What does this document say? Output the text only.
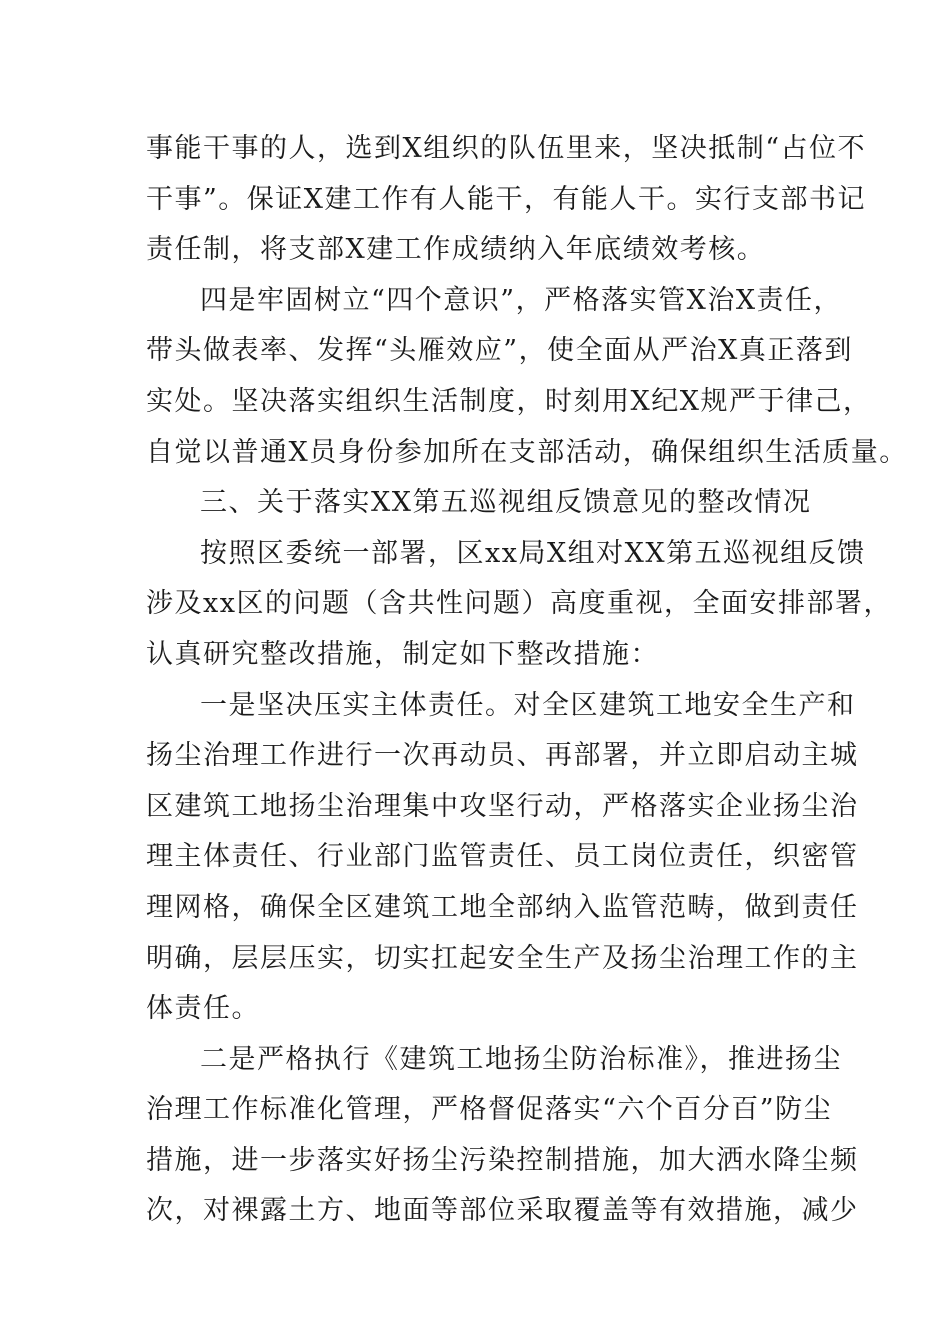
事能干事的人，选到X组织的队伍里来，坚决抵制“占位不
干事”。保证X建工作有人能干，有能人干。实行支部书记
责任制，将支部X建工作成绩纳入年底绩效考核。
四是牢固树立“四个意识”，严格落实管X治X责任，
带头做表率、发挥“头雁效应”，使全面从严治X真正落到
实处。坚决落实组织生活制度，时刻用X纪X规严于律己，
自觉以普通X员身份参加所在支部活动，确保组织生活质量。
三、关于落实XX第五巡视组反馈意见的整改情况
按照区委统一部署，区xx局X组对XX第五巡视组反馈
涉及xx区的问题（含共性问题）高度重视，全面安排部署，
认真研究整改措施，制定如下整改措施：
一是坚决压实主体责任。对全区建筑工地安全生产和
扬尘治理工作进行一次再动员、再部署，并立即启动主城
区建筑工地扬尘治理集中攻坚行动，严格落实企业扬尘治
理主体责任、行业部门监管责任、员工岗位责任，织密管
理网格，确保全区建筑工地全部纳入监管范畴，做到责任
明确，层层压实，切实扛起安全生产及扬尘治理工作的主
体责任。
二是严格执行《建筑工地扬尘防治标准》，推进扬尘
治理工作标准化管理，严格督促落实“六个百分百”防尘
措施，进一步落实好扬尘污染控制措施，加大洒水降尘频
次，对裸露土方、地面等部位采取覆盖等有效措施，减少
